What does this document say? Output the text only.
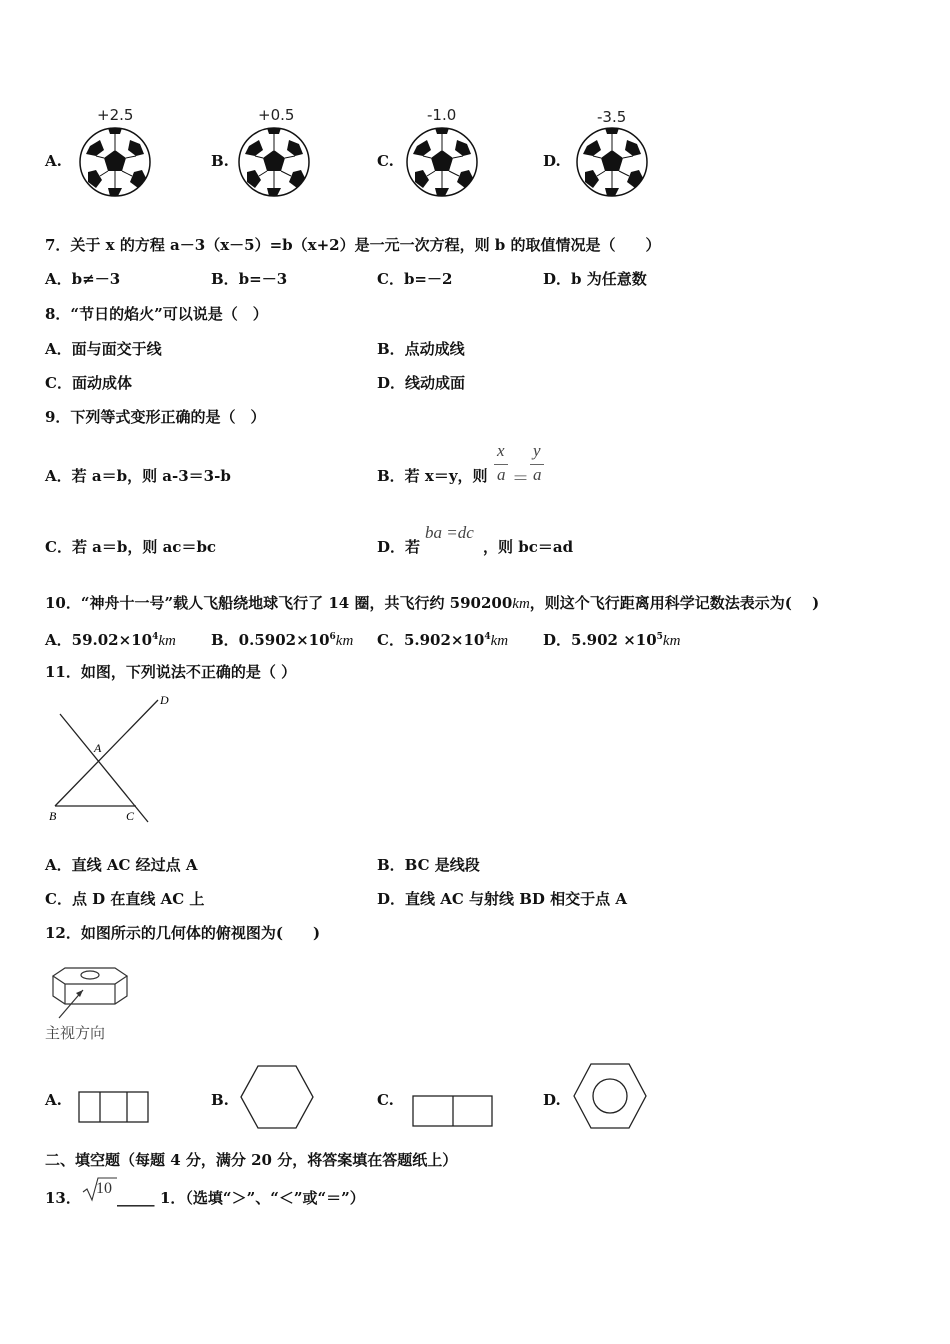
A.
+2.5
B.
+0.5
C.
-1.0
D.
-3.5
7．关于 x 的方程 a－3（x－5）=b（x+2）是一元一次方程，则 b 的取值情况是（　　）
A．b≠－3	B．b=－3	C．b=－2	D．b 为任意数
8．“节日的焰火”可以说是（　）
A．面与面交于线	B．点动成线
C．面动成体	D．线动成面
9．下列等式变形正确的是（　）
A．若 a＝b，则 a-3＝3-b	B．若 x＝y，则
x
a ＝
y
a
C．若 a＝b，则 ac＝bc	D．若
ba =dc
，则 bc＝ad
10．“神舟十一号”载人飞船绕地球飞行了 14 圈，共飞行约 590200km，则这个飞行距离用科学记数法表示为(　 )
A．$59.02\times 10^4km$ B．$0.5902\times 10^6km$ C．$5.902\times 10^4km$ D．$5.902 \times 10^5km$
11．如图，下列说法不正确的是（ ）
D
A
B	C
A．直线 AC 经过点 A	B．BC 是线段
C．点 D 在直线 AC 上	D．直线 AC 与射线 BD 相交于点 A
12．如图所示的几何体的俯视图为(　　)
主视方向
A.	B.	C.	D.
二、填空题（每题 4 分，满分 20 分，将答案填在答题纸上）
13．
10
_____ 1．（选填“＞”、“＜”或“＝”）
